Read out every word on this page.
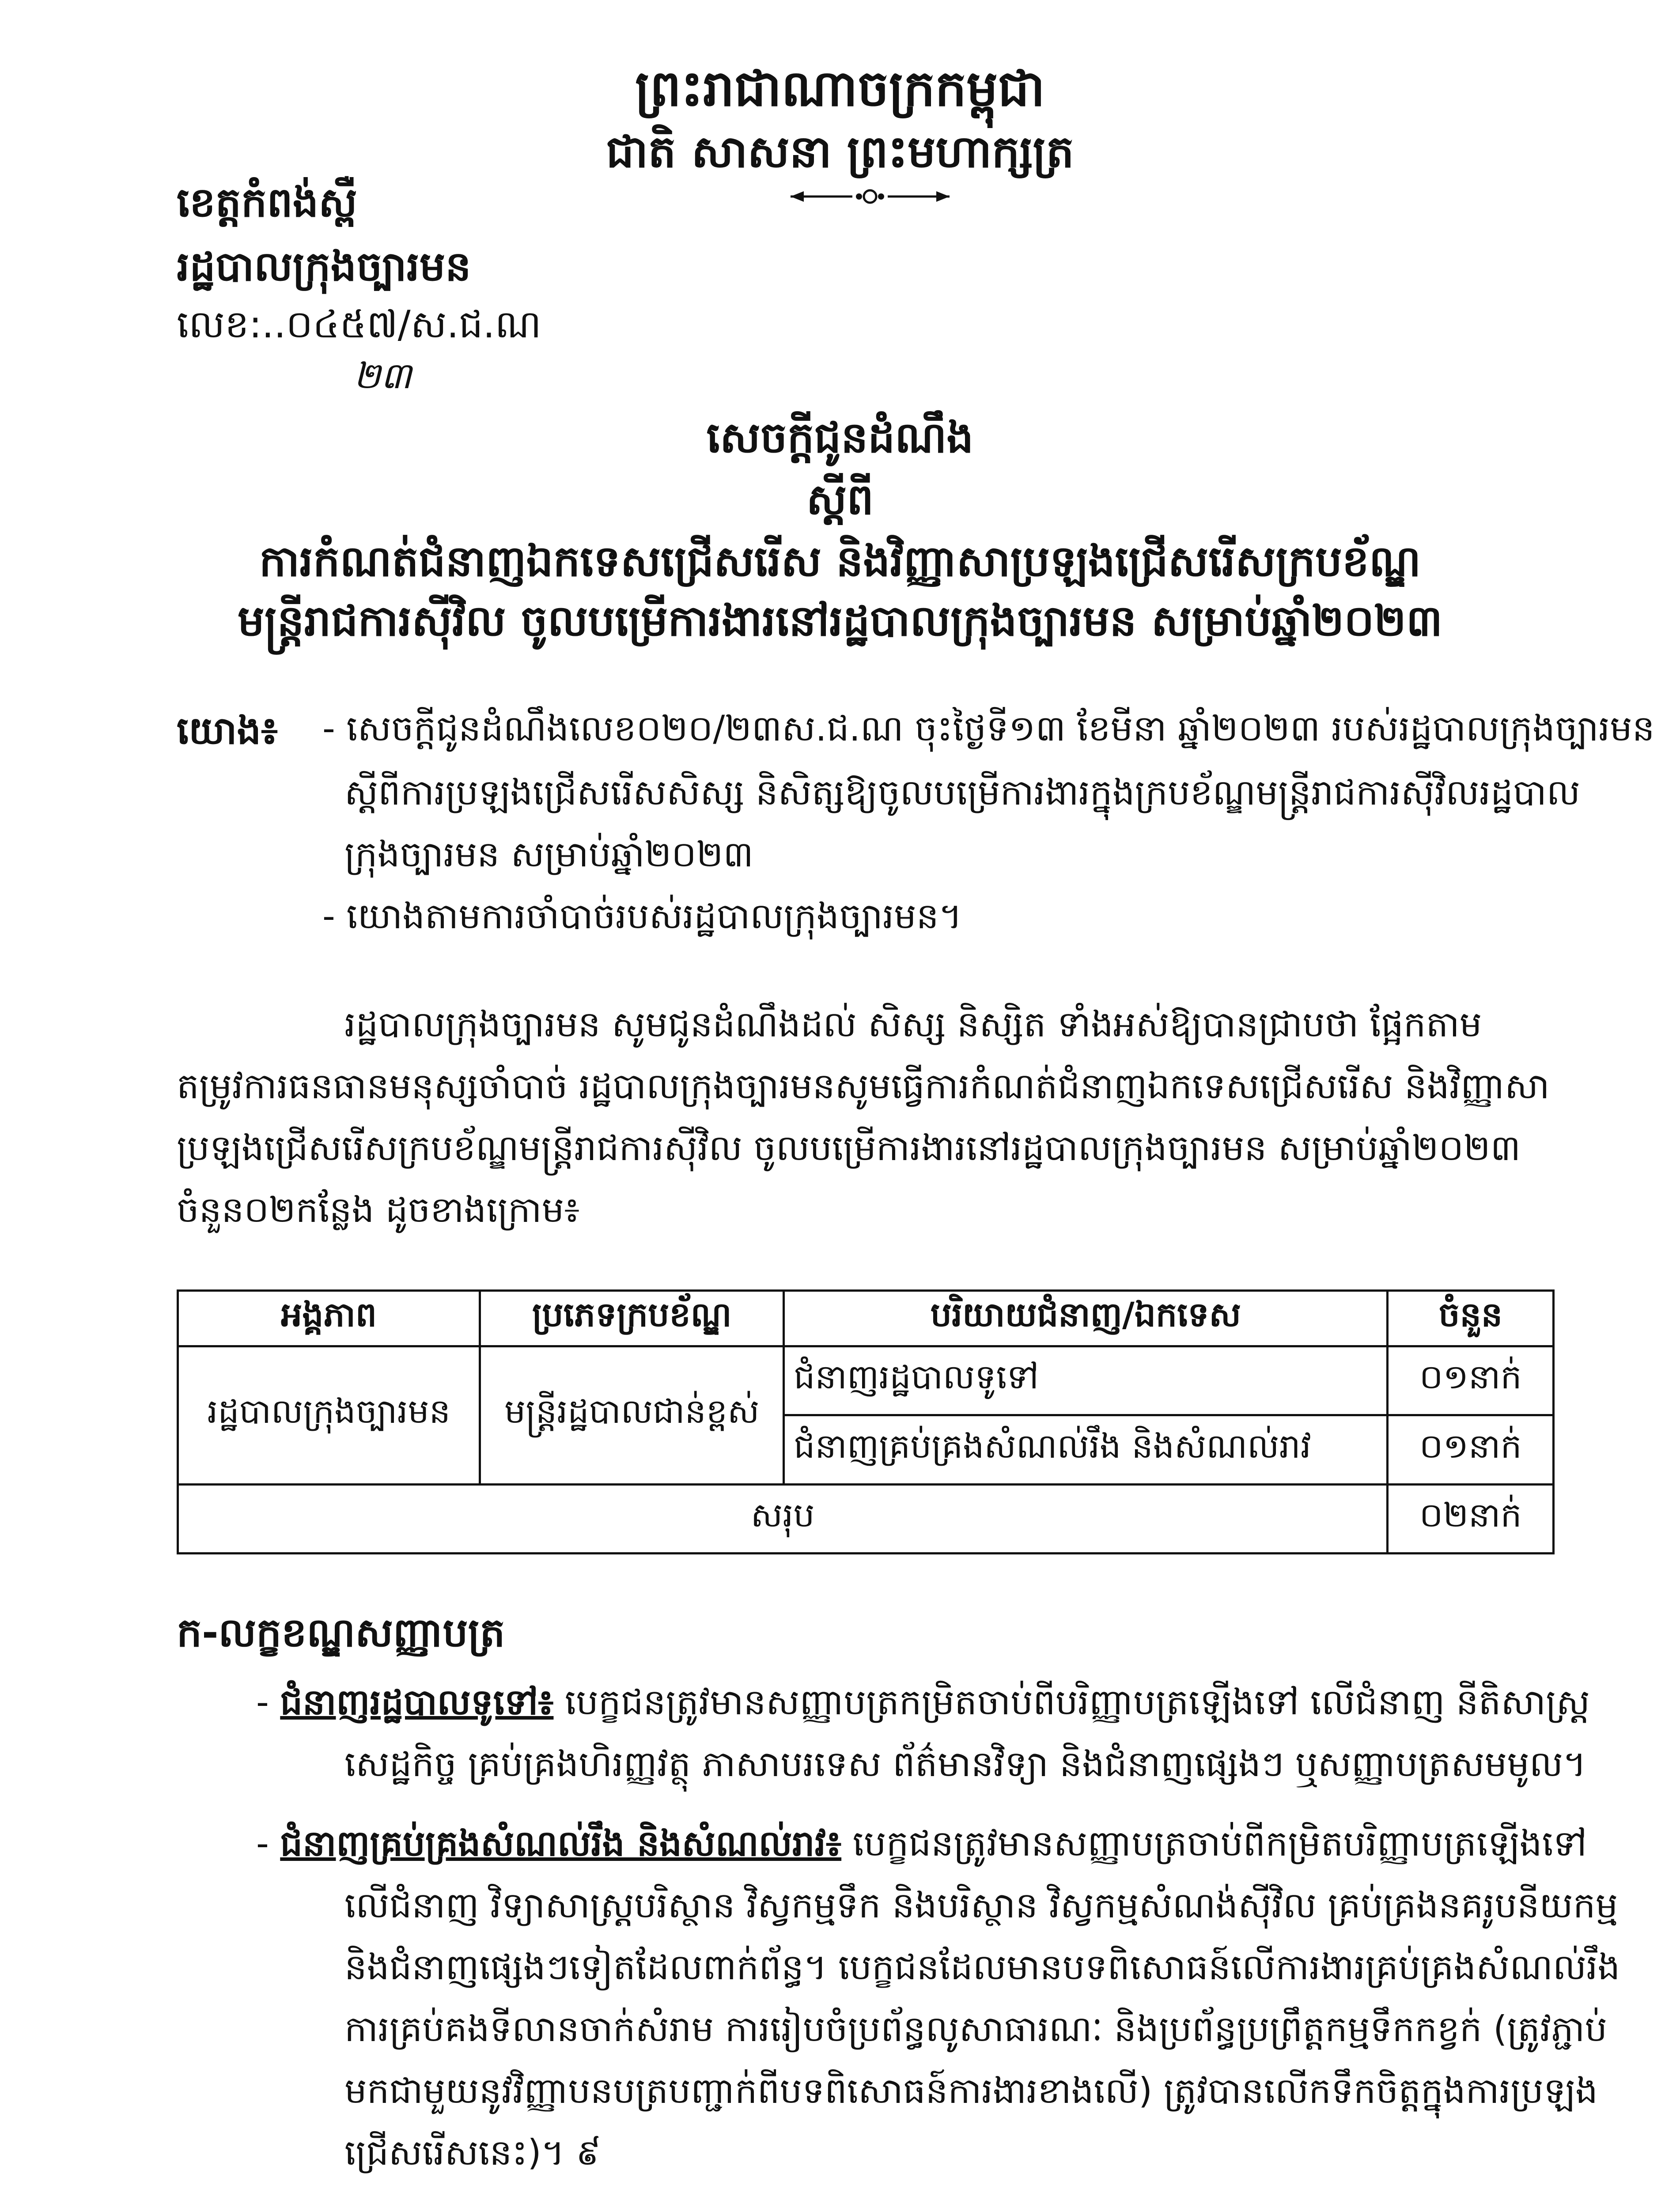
ព្រះរាជាណាចក្រកម្ពុជា
ជាតិ សាសនា ព្រះមហាក្សត្រ
ខេត្តកំពង់ស្ពឺ
រដ្ឋបាលក្រុងច្បារមន
លេខ:..០៤៥៧/ស.ជ.ណ
២៣
សេចក្តីជូនដំណឹង
ស្តីពី
ការកំណត់ជំនាញឯកទេសជ្រើសរើស និងវិញ្ញាសាប្រឡងជ្រើសរើសក្របខ័ណ្ឌ
មន្ត្រីរាជការស៊ីវិល ចូលបម្រើការងារនៅរដ្ឋបាលក្រុងច្បារមន សម្រាប់ឆ្នាំ២០២៣
យោង៖ - សេចក្តីជូនដំណឹងលេខ០២០/២៣ស.ជ.ណ ចុះថ្ងៃទី១៣ ខែមីនា ឆ្នាំ២០២៣ របស់រដ្ឋបាលក្រុងច្បារមន
ស្តីពីការប្រឡងជ្រើសរើសសិស្ស និសិត្សឱ្យចូលបម្រើការងារក្នុងក្របខ័ណ្ឌមន្ត្រីរាជការស៊ីវិលរដ្ឋបាល
ក្រុងច្បារមន សម្រាប់ឆ្នាំ២០២៣
- យោងតាមការចាំបាច់របស់រដ្ឋបាលក្រុងច្បារមន។
រដ្ឋបាលក្រុងច្បារមន សូមជូនដំណឹងដល់ សិស្ស និស្សិត ទាំងអស់ឱ្យបានជ្រាបថា ផ្អែកតាម
តម្រូវការធនធានមនុស្សចាំបាច់ រដ្ឋបាលក្រុងច្បារមនសូមធ្វើការកំណត់ជំនាញឯកទេសជ្រើសរើស និងវិញ្ញាសា
ប្រឡងជ្រើសរើសក្របខ័ណ្ឌមន្ត្រីរាជការស៊ីវិល ចូលបម្រើការងារនៅរដ្ឋបាលក្រុងច្បារមន សម្រាប់ឆ្នាំ២០២៣
ចំនួន០២កន្លែង ដូចខាងក្រោម៖
អង្គភាព	ប្រភេទក្របខ័ណ្ឌ	បរិយាយជំនាញ/ឯកទេស	ចំនួន
រដ្ឋបាលក្រុងច្បារមន	មន្ត្រីរដ្ឋបាលជាន់ខ្ពស់	ជំនាញរដ្ឋបាលទូទៅ	០១នាក់
		ជំនាញគ្រប់គ្រងសំណល់រឹង និងសំណល់រាវ	០១នាក់
សរុប			០២នាក់
ក-លក្ខខណ្ឌសញ្ញាបត្រ
- ជំនាញរដ្ឋបាលទូទៅ៖ បេក្ខជនត្រូវមានសញ្ញាបត្រកម្រិតចាប់ពីបរិញ្ញាបត្រឡើងទៅ លើជំនាញ នីតិសាស្ត្រ
សេដ្ឋកិច្ច គ្រប់គ្រងហិរញ្ញវត្ថុ ភាសាបរទេស ព័ត៌មានវិទ្យា និងជំនាញផ្សេងៗ ឬសញ្ញាបត្រសមមូល។
- ជំនាញគ្រប់គ្រងសំណល់រឹង និងសំណល់រាវ៖ បេក្ខជនត្រូវមានសញ្ញាបត្រចាប់ពីកម្រិតបរិញ្ញាបត្រឡើងទៅ
លើជំនាញ វិទ្យាសាស្ត្របរិស្ថាន វិស្វកម្មទឹក និងបរិស្ថាន វិស្វកម្មសំណង់ស៊ីវិល គ្រប់គ្រងនគរូបនីយកម្ម
និងជំនាញផ្សេងៗទៀតដែលពាក់ព័ន្ធ។ បេក្ខជនដែលមានបទពិសោធន៍លើការងារគ្រប់គ្រងសំណល់រឹង
ការគ្រប់គងទីលានចាក់សំរាម ការរៀបចំប្រព័ន្ធលូសាធារណៈ និងប្រព័ន្ធប្រព្រឹត្តកម្មទឹកកខ្វក់ (ត្រូវភ្ជាប់
មកជាមួយនូវវិញ្ញាបនបត្របញ្ជាក់ពីបទពិសោធន៍ការងារខាងលើ) ត្រូវបានលើកទឹកចិត្តក្នុងការប្រឡង
ជ្រើសរើសនេះ)។ ៩
